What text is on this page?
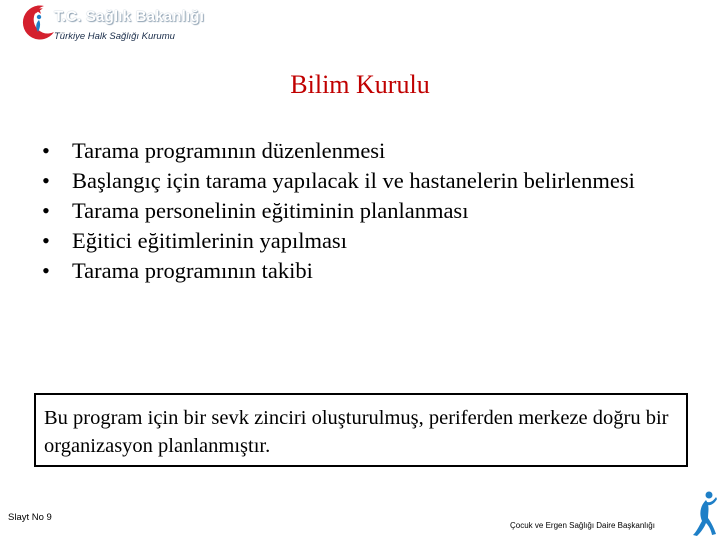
T.C. Sağlık Bakanlığı
Türkiye Halk Sağlığı Kurumu
Bilim Kurulu
• Tarama programının düzenlenmesi
• Başlangıç için tarama yapılacak il ve hastanelerin belirlenmesi
• Tarama personelinin eğitiminin planlanması
• Eğitici eğitimlerinin yapılması
• Tarama programının takibi
Bu program için bir sevk zinciri oluşturulmuş, periferden merkeze doğru bir organizasyon planlanmıştır.
Slayt No 9
Çocuk ve Ergen Sağlığı Daire Başkanlığı
